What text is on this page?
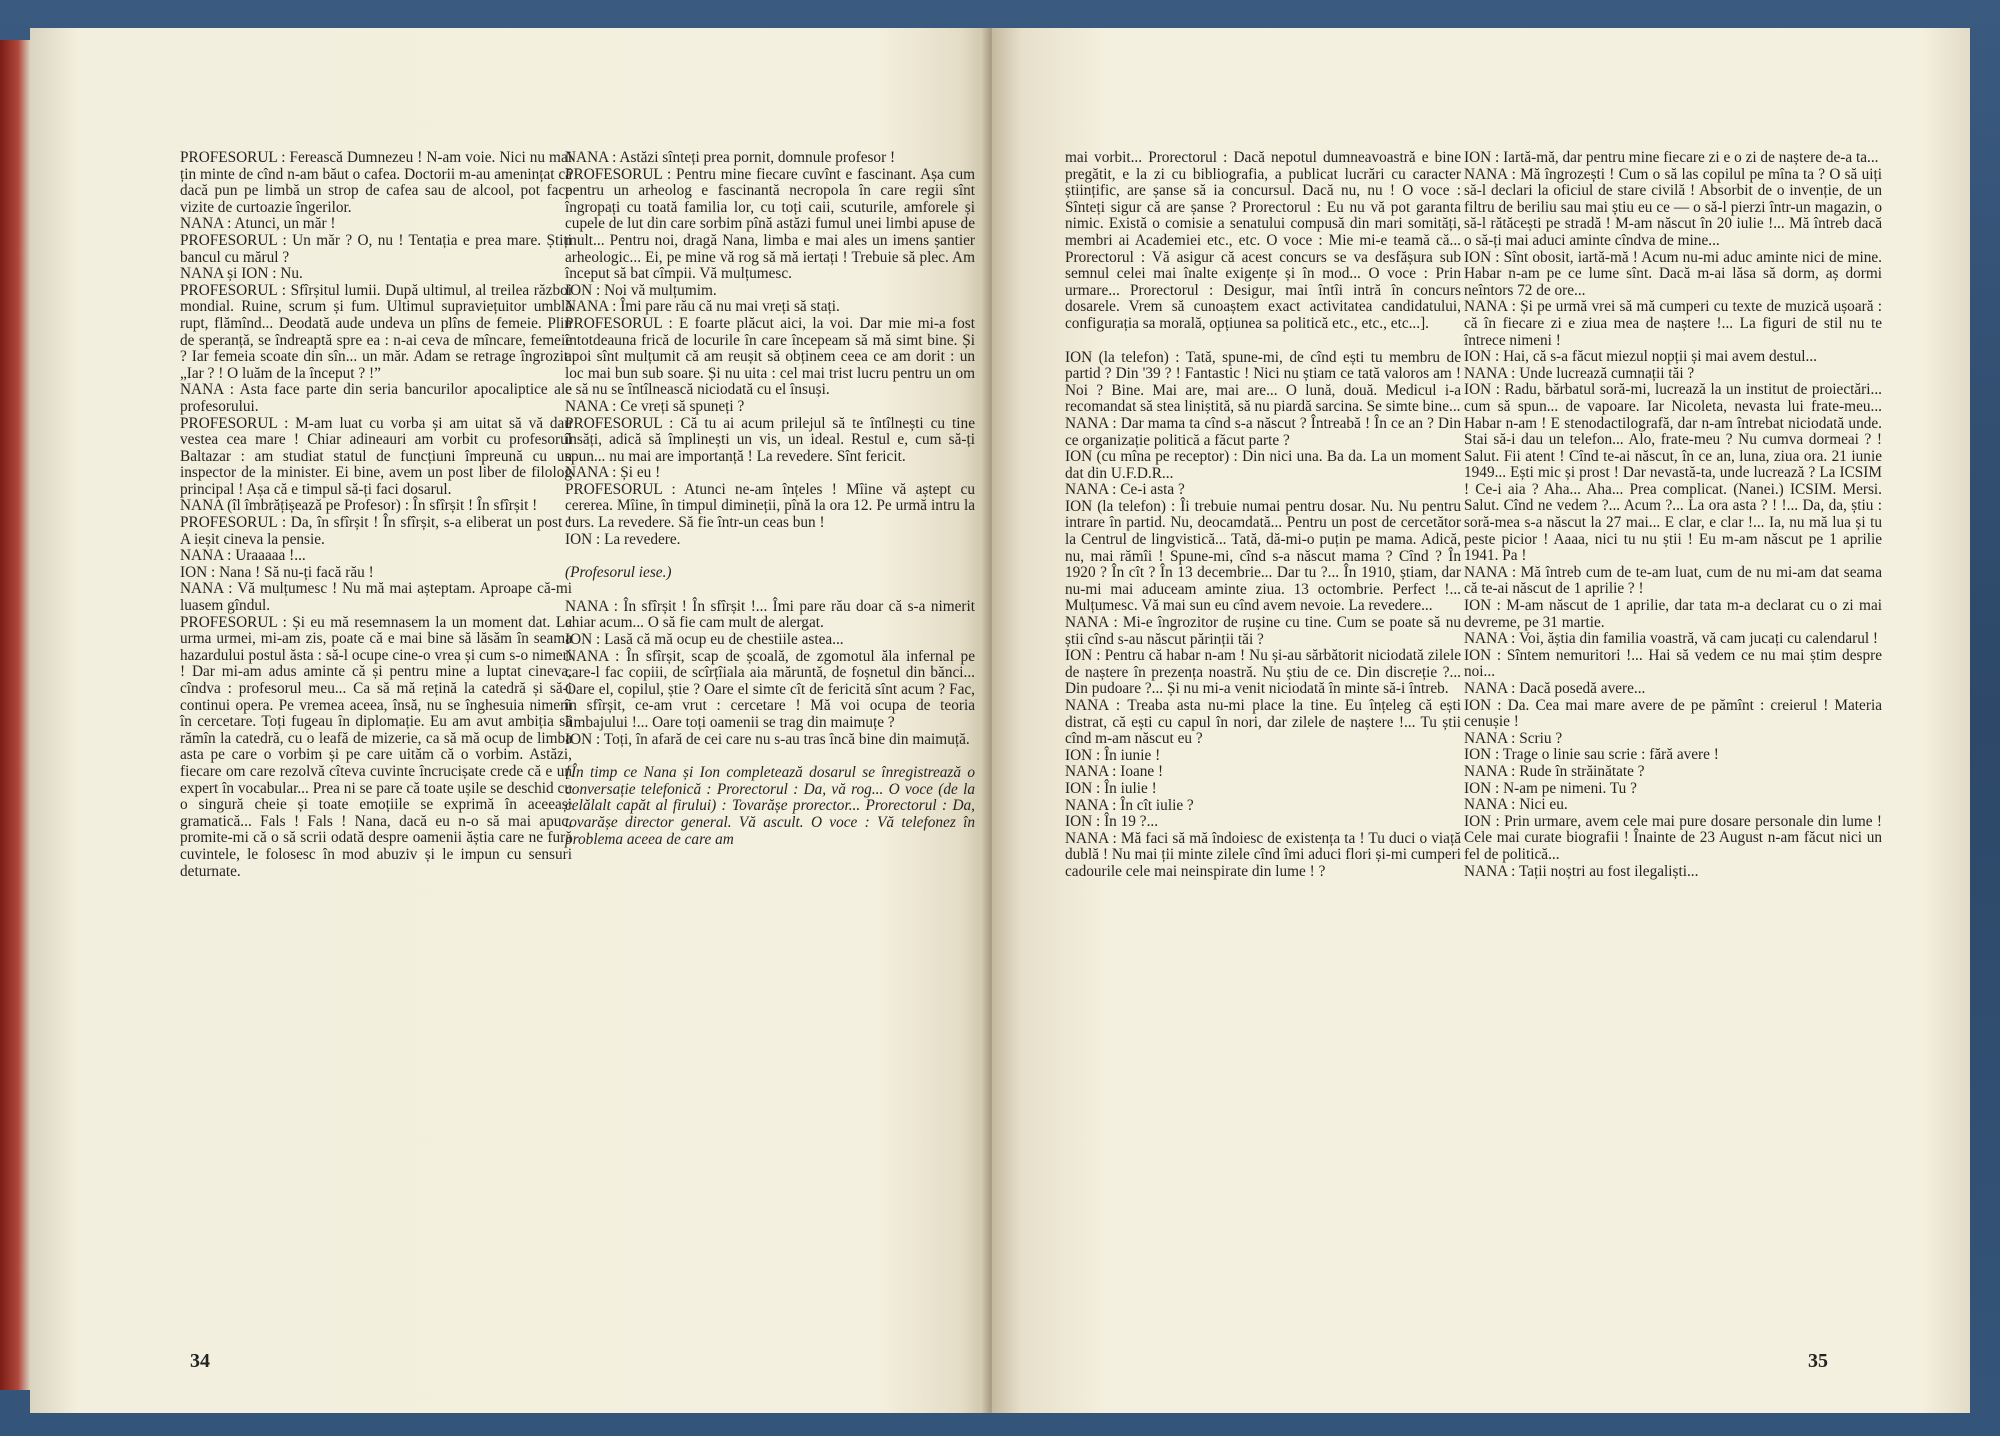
PROFESORUL : Ferească Dumnezeu ! N-am voie. Nici nu mai țin minte de cînd n-am băut o cafea. Doctorii m-au amenințat că dacă pun pe limbă un strop de cafea sau de alcool, pot face vizite de curtoazie îngerilor.

NANA : Atunci, un măr !

PROFESORUL : Un măr ? O, nu ! Tentația e prea mare. Știți bancul cu mărul ?

NANA și ION : Nu.

PROFESORUL : Sfîrșitul lumii. După ultimul, al treilea război mondial. Ruine, scrum și fum. Ultimul supraviețuitor umblă rupt, flămînd... Deodată aude undeva un plîns de femeie. Plin de speranță, se îndreaptă spre ea : n-ai ceva de mîncare, femeie ? Iar femeia scoate din sîn... un măr. Adam se retrage îngrozit. „Iar ? ! O luăm de la început ? !”

NANA : Asta face parte din seria bancurilor apocaliptice ale profesorului.

PROFESORUL : M-am luat cu vorba și am uitat să vă dau vestea cea mare ! Chiar adineauri am vorbit cu profesorul Baltazar : am studiat statul de funcțiuni împreună cu un inspector de la minister. Ei bine, avem un post liber de filolog principal ! Așa că e timpul să-ți faci dosarul.

NANA (îl îmbrățișează pe Profesor) : În sfîrșit ! În sfîrșit !

PROFESORUL : Da, în sfîrșit ! În sfîrșit, s-a eliberat un post ! A ieșit cineva la pensie.

NANA : Uraaaaa !...

ION : Nana ! Să nu-ți facă rău !

NANA : Vă mulțumesc ! Nu mă mai așteptam. Aproape că-mi luasem gîndul.

PROFESORUL : Și eu mă resemnasem la un moment dat. La urma urmei, mi-am zis, poate că e mai bine să lăsăm în seama hazardului postul ăsta : să-l ocupe cine-o vrea și cum s-o nimeri ! Dar mi-am adus aminte că și pentru mine a luptat cineva, cîndva : profesorul meu... Ca să mă rețină la catedră și să-i continui opera. Pe vremea aceea, însă, nu se înghesuia nimeni în cercetare. Toți fugeau în diplomație. Eu am avut ambiția să rămîn la catedră, cu o leafă de mizerie, ca să mă ocup de limba asta pe care o vorbim și pe care uităm că o vorbim. Astăzi, fiecare om care rezolvă cîteva cuvinte încrucișate crede că e un expert în vocabular... Prea ni se pare că toate ușile se deschid cu o singură cheie și toate emoțiile se exprimă în aceeași gramatică... Fals ! Fals ! Nana, dacă eu n-o să mai apuc, promite-mi că o să scrii odată despre oamenii ăștia care ne fură cuvintele, le folosesc în mod abuziv și le impun cu sensuri deturnate.

NANA : Astăzi sînteți prea pornit, domnule profesor !

PROFESORUL : Pentru mine fiecare cuvînt e fascinant. Așa cum pentru un arheolog e fascinantă necropola în care regii sînt îngropați cu toată familia lor, cu toți caii, scuturile, amforele și cupele de lut din care sorbim pînă astăzi fumul unei limbi apuse de mult... Pentru noi, dragă Nana, limba e mai ales un imens șantier arheologic... Ei, pe mine vă rog să mă iertați ! Trebuie să plec. Am început să bat cîmpii. Vă mulțumesc.

ION : Noi vă mulțumim.

NANA : Îmi pare rău că nu mai vreți să stați.

PROFESORUL : E foarte plăcut aici, la voi. Dar mie mi-a fost întotdeauna frică de locurile în care începeam să mă simt bine. Și apoi sînt mulțumit că am reușit să obținem ceea ce am dorit : un loc mai bun sub soare. Și nu uita : cel mai trist lucru pentru un om e să nu se întîlnească niciodată cu el însuși.

NANA : Ce vreți să spuneți ?

PROFESORUL : Că tu ai acum prilejul să te întîlnești cu tine însăți, adică să împlinești un vis, un ideal. Restul e, cum să-ți spun... nu mai are importanță ! La revedere. Sînt fericit.

NANA : Și eu !

PROFESORUL : Atunci ne-am înțeles ! Mîine vă aștept cu cererea. Mîine, în timpul dimineții, pînă la ora 12. Pe urmă intru la curs. La revedere. Să fie într-un ceas bun !

ION : La revedere.

(Profesorul iese.)

NANA : În sfîrșit ! În sfîrșit !... Îmi pare rău doar că s-a nimerit chiar acum... O să fie cam mult de alergat.

ION : Lasă că mă ocup eu de chestiile astea...

NANA : În sfîrșit, scap de școală, de zgomotul ăla infernal pe care-l fac copiii, de scîrțîiala aia măruntă, de foșnetul din bănci... Oare el, copilul, știe ? Oare el simte cît de fericită sînt acum ? Fac, în sfîrșit, ce-am vrut : cercetare ! Mă voi ocupa de teoria limbajului !... Oare toți oamenii se trag din maimuțe ?

ION : Toți, în afară de cei care nu s-au tras încă bine din maimuță.

[În timp ce Nana și Ion completează dosarul se înregistrează o conversație telefonică : Prorectorul : Da, vă rog... O voce (de la celălalt capăt al firului) : Tovarășe prorector... Prorectorul : Da, tovarășe director general. Vă ascult. O voce : Vă telefonez în problema aceea de care am

34

mai vorbit... Prorectorul : Dacă nepotul dumneavoastră e bine pregătit, e la zi cu bibliografia, a publicat lucrări cu caracter științific, are șanse să ia concursul. Dacă nu, nu ! O voce : Sînteți sigur că are șanse ? Prorectorul : Eu nu vă pot garanta nimic. Există o comisie a senatului compusă din mari somități, membri ai Academiei etc., etc. O voce : Mie mi-e teamă că... Prorectorul : Vă asigur că acest concurs se va desfășura sub semnul celei mai înalte exigențe și în mod... O voce : Prin urmare... Prorectorul : Desigur, mai întîi intră în concurs dosarele. Vrem să cunoaștem exact activitatea candidatului, configurația sa morală, opțiunea sa politică etc., etc., etc...].

ION (la telefon) : Tată, spune-mi, de cînd ești tu membru de partid ? Din '39 ? ! Fantastic ! Nici nu știam ce tată valoros am ! Noi ? Bine. Mai are, mai are... O lună, două. Medicul i-a recomandat să stea liniștită, să nu piardă sarcina. Se simte bine...

NANA : Dar mama ta cînd s-a născut ? Întreabă ! În ce an ? Din ce organizație politică a făcut parte ?

ION (cu mîna pe receptor) : Din nici una. Ba da. La un moment dat din U.F.D.R...

NANA : Ce-i asta ?

ION (la telefon) : Îi trebuie numai pentru dosar. Nu. Nu pentru intrare în partid. Nu, deocamdată... Pentru un post de cercetător la Centrul de lingvistică... Tată, dă-mi-o puțin pe mama. Adică, nu, mai rămîi ! Spune-mi, cînd s-a născut mama ? Cînd ? În 1920 ? În cît ? În 13 decembrie... Dar tu ?... În 1910, știam, dar nu-mi mai aduceam aminte ziua. 13 octombrie. Perfect !... Mulțumesc. Vă mai sun eu cînd avem nevoie. La revedere...

NANA : Mi-e îngrozitor de rușine cu tine. Cum se poate să nu știi cînd s-au născut părinții tăi ?

ION : Pentru că habar n-am ! Nu și-au sărbătorit niciodată zilele de naștere în prezența noastră. Nu știu de ce. Din discreție ?... Din pudoare ?... Și nu mi-a venit niciodată în minte să-i întreb.

NANA : Treaba asta nu-mi place la tine. Eu înțeleg că ești distrat, că ești cu capul în nori, dar zilele de naștere !... Tu știi cînd m-am născut eu ?

ION : În iunie !

NANA : Ioane !

ION : În iulie !

NANA : În cît iulie ?

ION : În 19 ?...

NANA : Mă faci să mă îndoiesc de existența ta ! Tu duci o viață dublă ! Nu mai ții minte zilele cînd îmi aduci flori și-mi cumperi cadourile cele mai neinspirate din lume ! ?

ION : Iartă-mă, dar pentru mine fiecare zi e o zi de naștere de-a ta...

NANA : Mă îngrozești ! Cum o să las copilul pe mîna ta ? O să uiți să-l declari la oficiul de stare civilă ! Absorbit de o invenție, de un filtru de beriliu sau mai știu eu ce — o să-l pierzi într-un magazin, o să-l rătăcești pe stradă ! M-am născut în 20 iulie !... Mă întreb dacă o să-ți mai aduci aminte cîndva de mine...

ION : Sînt obosit, iartă-mă ! Acum nu-mi aduc aminte nici de mine. Habar n-am pe ce lume sînt. Dacă m-ai lăsa să dorm, aș dormi neîntors 72 de ore...

NANA : Și pe urmă vrei să mă cumperi cu texte de muzică ușoară : că în fiecare zi e ziua mea de naștere !... La figuri de stil nu te întrece nimeni !

ION : Hai, că s-a făcut miezul nopții și mai avem destul...

NANA : Unde lucrează cumnații tăi ?

ION : Radu, bărbatul soră-mi, lucrează la un institut de proiectări... cum să spun... de vapoare. Iar Nicoleta, nevasta lui frate-meu... Habar n-am ! E stenodactilografă, dar n-am întrebat niciodată unde. Stai să-i dau un telefon... Alo, frate-meu ? Nu cumva dormeai ? ! Salut. Fii atent ! Cînd te-ai născut, în ce an, luna, ziua ora. 21 iunie 1949... Ești mic și prost ! Dar nevastă-ta, unde lucrează ? La ICSIM ! Ce-i aia ? Aha... Aha... Prea complicat. (Nanei.) ICSIM. Mersi. Salut. Cînd ne vedem ?... Acum ?... La ora asta ? ! !... Da, da, știu : soră-mea s-a născut la 27 mai... E clar, e clar !... Ia, nu mă lua și tu peste picior ! Aaaa, nici tu nu știi ! Eu m-am născut pe 1 aprilie 1941. Pa !

NANA : Mă întreb cum de te-am luat, cum de nu mi-am dat seama că te-ai născut de 1 aprilie ? !

ION : M-am născut de 1 aprilie, dar tata m-a declarat cu o zi mai devreme, pe 31 martie.

NANA : Voi, ăștia din familia voastră, vă cam jucați cu calendarul !

ION : Sîntem nemuritori !... Hai să vedem ce nu mai știm despre noi...

NANA : Dacă posedă avere...

ION : Da. Cea mai mare avere de pe pămînt : creierul ! Materia cenușie !

NANA : Scriu ?

ION : Trage o linie sau scrie : fără avere !

NANA : Rude în străinătate ?

ION : N-am pe nimeni. Tu ?

NANA : Nici eu.

ION : Prin urmare, avem cele mai pure dosare personale din lume ! Cele mai curate biografii ! Înainte de 23 August n-am făcut nici un fel de politică...

NANA : Tații noștri au fost ilegaliști...

35
